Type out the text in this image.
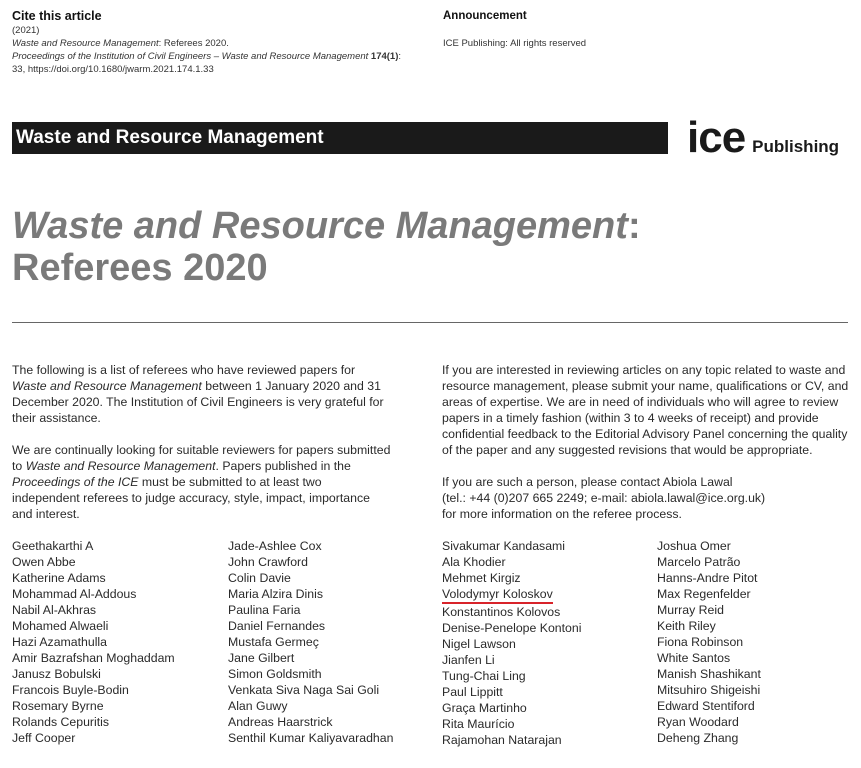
Cite this article
(2021)
Waste and Resource Management: Referees 2020.
Proceedings of the Institution of Civil Engineers – Waste and Resource Management 174(1):
33, https://doi.org/10.1680/jwarm.2021.174.1.33
Announcement
ICE Publishing: All rights reserved
Waste and Resource Management	ice Publishing
Waste and Resource Management:
Referees 2020

The following is a list of referees who have reviewed papers for Waste and Resource Management between 1 January 2020 and 31 December 2020. The Institution of Civil Engineers is very grateful for their assistance.

We are continually looking for suitable reviewers for papers submitted to Waste and Resource Management. Papers published in the Proceedings of the ICE must be submitted to at least two independent referees to judge accuracy, style, impact, importance and interest.

If you are interested in reviewing articles on any topic related to waste and resource management, please submit your name, qualifications or CV, and areas of expertise. We are in need of individuals who will agree to review papers in a timely fashion (within 3 to 4 weeks of receipt) and provide confidential feedback to the Editorial Advisory Panel concerning the quality of the paper and any suggested revisions that would be appropriate.

If you are such a person, please contact Abiola Lawal
(tel.: +44 (0)207 665 2249; e-mail: abiola.lawal@ice.org.uk)
for more information on the referee process.

Geethakarthi A
Owen Abbe
Katherine Adams
Mohammad Al-Addous
Nabil Al-Akhras
Mohamed Alwaeli
Hazi Azamathulla
Amir Bazrafshan Moghaddam
Janusz Bobulski
Francois Buyle-Bodin
Rosemary Byrne
Rolands Cepuritis
Jeff Cooper
Jade-Ashlee Cox
John Crawford
Colin Davie
Maria Alzira Dinis
Paulina Faria
Daniel Fernandes
Mustafa Germeç
Jane Gilbert
Simon Goldsmith
Venkata Siva Naga Sai Goli
Alan Guwy
Andreas Haarstrick
Senthil Kumar Kaliyavaradhan
Sivakumar Kandasami
Ala Khodier
Mehmet Kirgiz
Volodymyr Koloskov
Konstantinos Kolovos
Denise-Penelope Kontoni
Nigel Lawson
Jianfen Li
Tung-Chai Ling
Paul Lippitt
Graça Martinho
Rita Maurício
Rajamohan Natarajan
Joshua Omer
Marcelo Patrão
Hanns-Andre Pitot
Max Regenfelder
Murray Reid
Keith Riley
Fiona Robinson
White Santos
Manish Shashikant
Mitsuhiro Shigeishi
Edward Stentiford
Ryan Woodard
Deheng Zhang
